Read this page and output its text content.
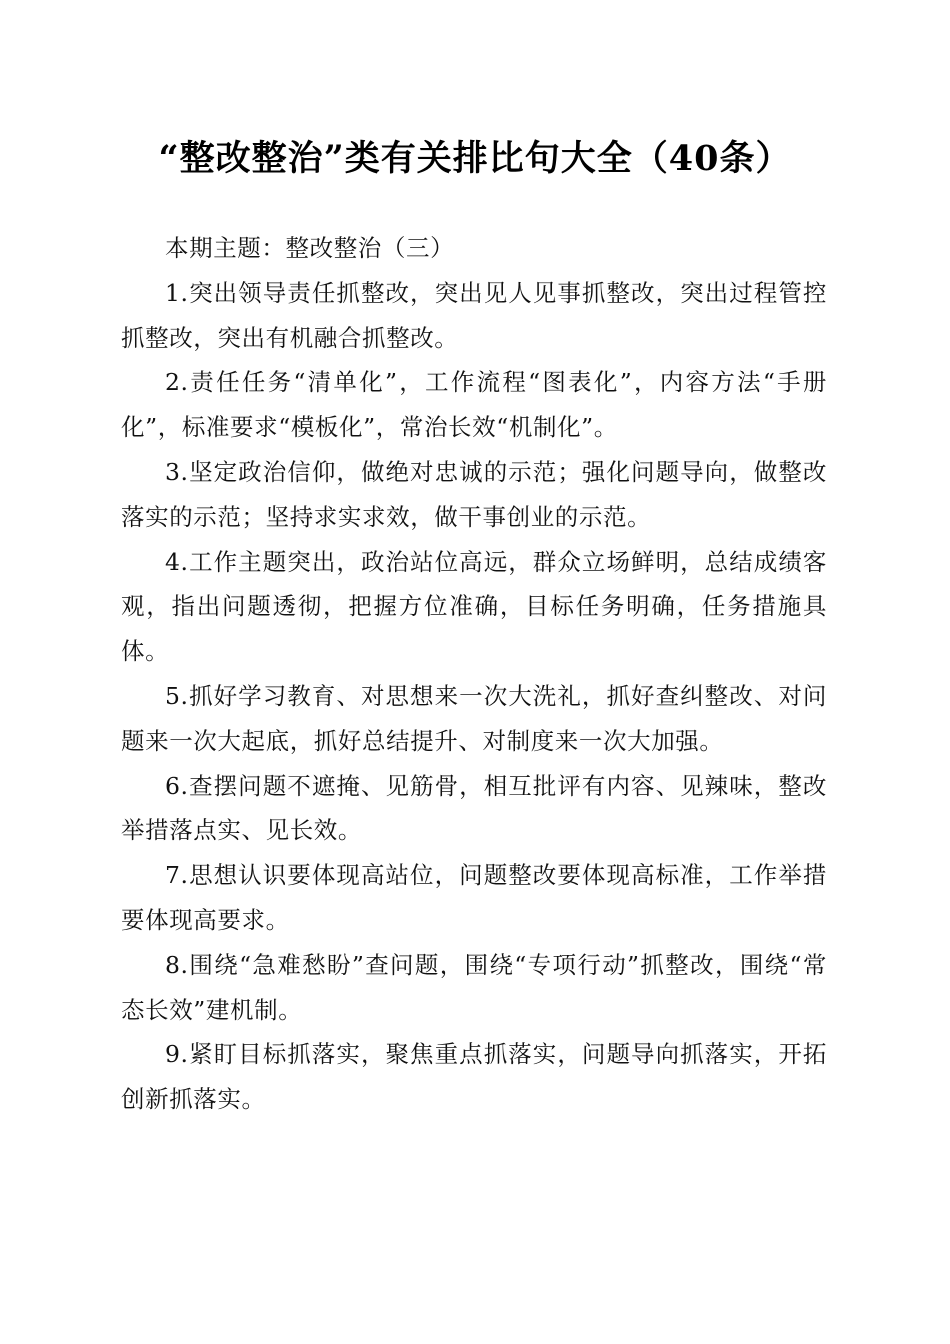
“整改整治”类有关排比句大全（40条）

本期主题：整改整治（三）

1.突出领导责任抓整改，突出见人见事抓整改，突出过程管控抓整改，突出有机融合抓整改。

2.责任任务“清单化”，工作流程“图表化”，内容方法“手册化”，标准要求“模板化”，常治长效“机制化”。

3.坚定政治信仰，做绝对忠诚的示范；强化问题导向，做整改落实的示范；坚持求实求效，做干事创业的示范。

4.工作主题突出，政治站位高远，群众立场鲜明，总结成绩客观，指出问题透彻，把握方位准确，目标任务明确，任务措施具体。

5.抓好学习教育、对思想来一次大洗礼，抓好查纠整改、对问题来一次大起底，抓好总结提升、对制度来一次大加强。

6.查摆问题不遮掩、见筋骨，相互批评有内容、见辣味，整改举措落点实、见长效。

7.思想认识要体现高站位，问题整改要体现高标准，工作举措要体现高要求。

8.围绕“急难愁盼”查问题，围绕“专项行动”抓整改，围绕“常态长效”建机制。

9.紧盯目标抓落实，聚焦重点抓落实，问题导向抓落实，开拓创新抓落实。
